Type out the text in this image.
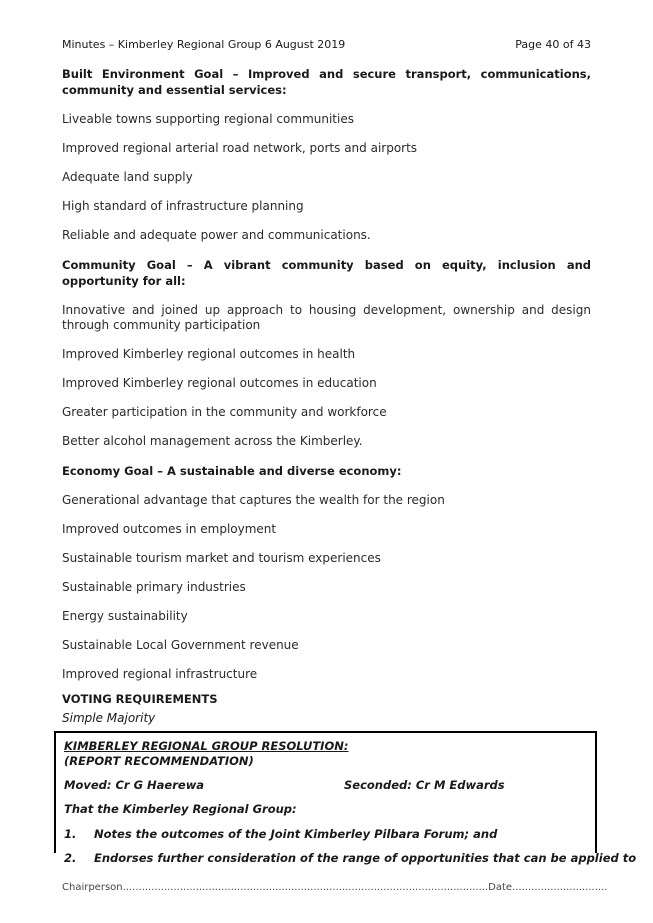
Minutes – Kimberley Regional Group 6 August 2019	Page 40 of 43

Built Environment Goal – Improved and secure transport, communications, community and essential services:

Liveable towns supporting regional communities

Improved regional arterial road network, ports and airports

Adequate land supply

High standard of infrastructure planning

Reliable and adequate power and communications.

Community Goal – A vibrant community based on equity, inclusion and opportunity for all:

Innovative and joined up approach to housing development, ownership and design through community participation

Improved Kimberley regional outcomes in health

Improved Kimberley regional outcomes in education

Greater participation in the community and workforce

Better alcohol management across the Kimberley.

Economy Goal – A sustainable and diverse economy:

Generational advantage that captures the wealth for the region

Improved outcomes in employment

Sustainable tourism market and tourism experiences

Sustainable primary industries

Energy sustainability

Sustainable Local Government revenue

Improved regional infrastructure

VOTING REQUIREMENTS

Simple Majority

KIMBERLEY REGIONAL GROUP RESOLUTION:
(REPORT RECOMMENDATION)
Moved: Cr G Haerewa	Seconded: Cr M Edwards
That the Kimberley Regional Group:
1.	Notes the outcomes of the Joint Kimberley Pilbara Forum; and
2.	Endorses further consideration of the range of opportunities that can be applied to
Chairperson...................................................................................................................Date..............................
